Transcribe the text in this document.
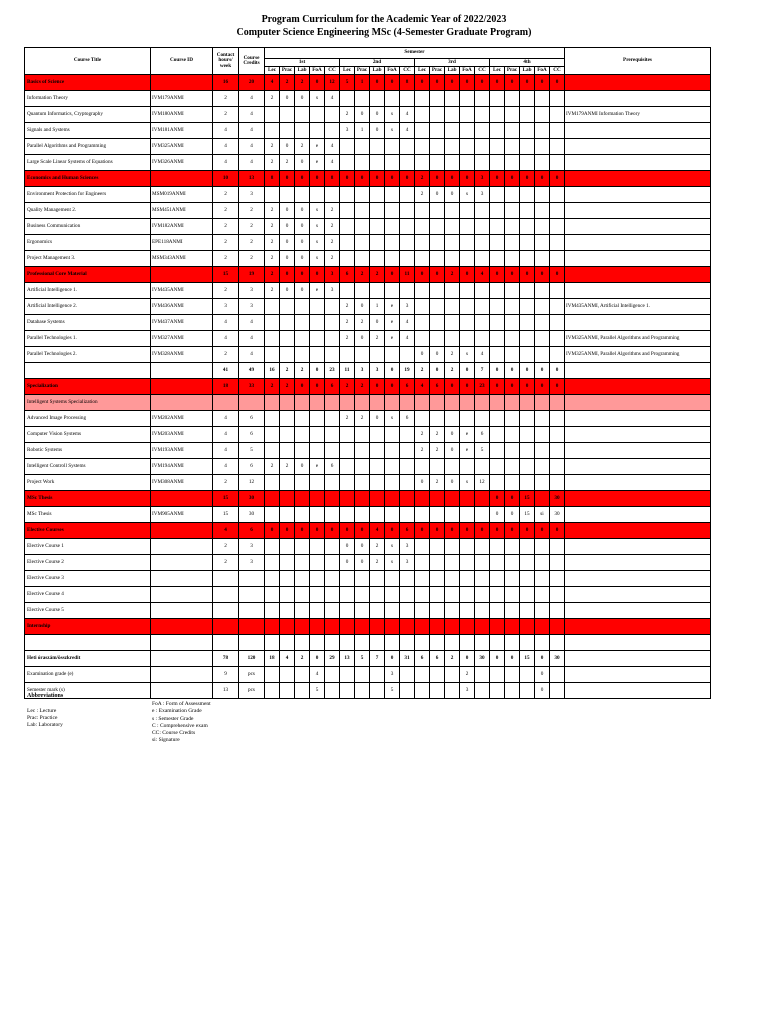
Program Curriculum for the Academic Year of 2022/2023
Computer Science Engineering MSc (4-Semester Graduate Program)
Course Title	Course ID	Contact hours/ week	Course Credits	Semester																				Prerequisites
				1st					2nd					3rd					4th					
				Lec	Prac	Lab	FoA	CC	Lec	Prac	Lab	FoA	CC	Lec	Prac	Lab	FoA	CC	Lec	Prac	Lab	FoA	CC	
Basics of Science		16	20	4	2	2	0	12	5	1	0	0	8	0	0	0	0	0	0	0	0	0	0	
Information Theory	IVM179ANMI	2	4	2	0	0	s	4																
Quantum Informatics, Cryptography	IVM180ANMI	2	4						2	0	0	s	4											IVM179ANMI Information Theory
Signals and Systems	IVM181ANMI	4	4						3	1	0	s	4											
Parallel Algorithms and Programming	IVM325ANMI	4	4	2	0	2	e	4																
Large Scale Linear Systems of Equations	IVM326ANMI	4	4	2	2	0	e	4																
Economics and Human Sciences		10	13	8	0	0	0	8	0	0	0	0	0	2	0	0	0	3	0	0	0	0	0	
Environment Protection for Engineers	MSM019ANMI	2	3											2	0	0	s	3						
Quality Management 2.	MSM451ANMI	2	2	2	0	0	s	2																
Business Communication	IVM182ANMI	2	2	2	0	0	s	2																
Ergonomics	EPE118ANMI	2	2	2	0	0	s	2																
Project Management 3.	MSM343ANMI	2	2	2	0	0	s	2																
Professional Core Material		15	19	2	0	0	0	3	6	2	2	0	11	0	0	2	0	4	0	0	0	0	0	
Artificial Intelligence 1.	IVM435ANMI	2	3	2	0	0	e	3																
Artificial Intelligence 2.	IVM436ANMI	3	3						2	0	1	e	3											IVM435ANMI, Artificial Intelligence 1.
Database Systems	IVM437ANMI	4	4						2	2	0	e	4											
Parallel Technologies 1.	IVM327ANMI	4	4						2	0	2	e	4											IVM325ANMI, Parallel Algorithms and Programming
Parallel Technologies 2.	IVM328ANMI	2	4											0	0	2	s	4						IVM325ANMI, Parallel Algorithms and Programming
		41	49	16	2	2	0	23	11	3	3	0	19	2	0	2	0	7	0	0	0	0	0	
Specialization		18	33	2	2	0	0	6	2	2	0	0	6	4	6	0	0	23	0	0	0	0	0	
Intelligent Systems Specialization																								
Advanced Image Processing	IVM202ANMI	4	6						2	2	0	s	6											
Computer Vision Systems	IVM203ANMI	4	6											2	2	0	e	6						
Robotic Systems	IVM193ANMI	4	5											2	2	0	e	5						
Intelligent Controll Systems	IVM194ANMI	4	6	2	2	0	e	6																
Project Work	IVM308ANMI	2	12											0	2	0	s	12						
MSc Thesis		15	30																0	0	15		30	
MSc Thesis	IVM905ANMI	15	30																0	0	15	si	30	
Elective Courses		4	6	0	0	0	0	0	0	0	4	0	6	0	0	0	0	0	0	0	0	0	0	
Elective Course 1		2	3						0	0	2	s	3											
Elective Course 2		2	3						0	0	2	s	3											
Elective Course 3																								
Elective Course 4																								
Elective Course 5																								
Internship																								

Heti óraszám/összkredit		78	120	18	4	2	0	29	13	5	7	0	31	6	6	2	0	30	0	0	15	0	30	
Examination grade (e)		9	pcs				4					3					2					0		
Semester mark (s)		13	pcs				5					5					3					0		
Abbreviations

Lec : Lecture
Prac: Practice
Lab: Laboratory
FoA : Form of Assessment
e : Examination Grade
s : Semester Grade
C : Comprehensive exam
CC: Course Credits
si: Signature
